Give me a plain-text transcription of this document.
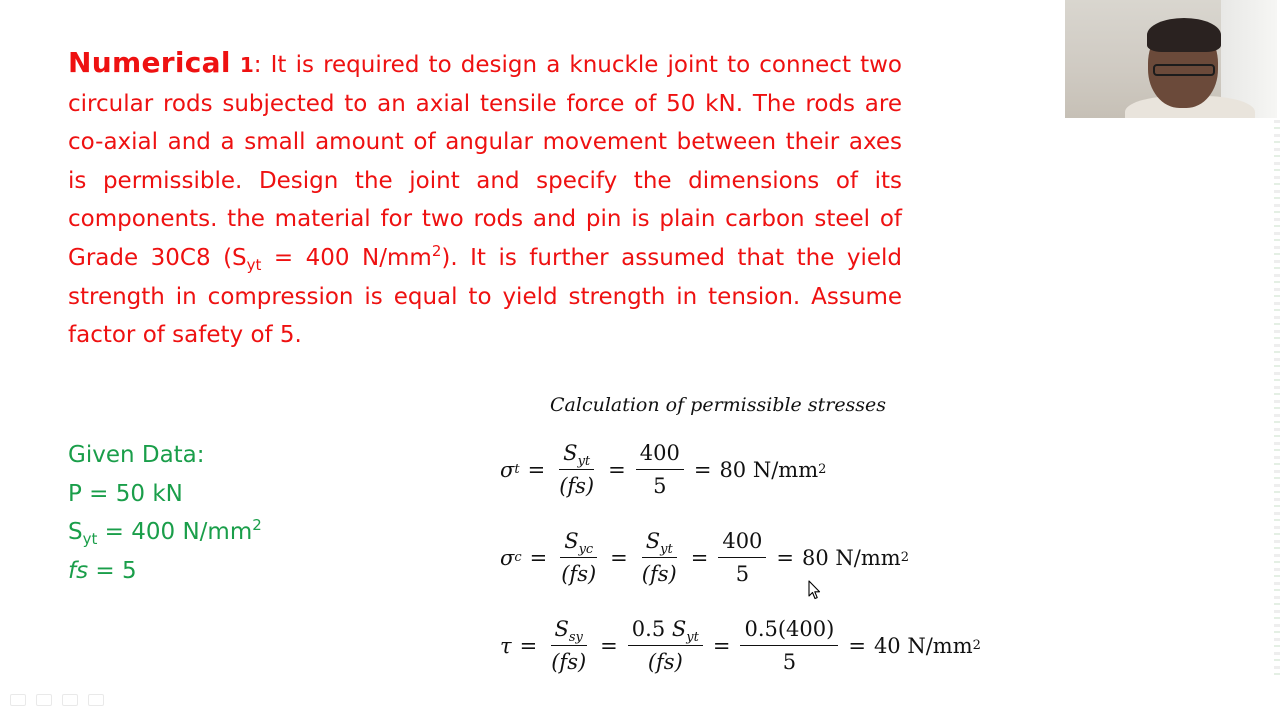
Numerical 1: It is required to design a knuckle joint to connect two circular rods subjected to an axial tensile force of 50 kN. The rods are co-axial and a small amount of angular movement between their axes is permissible. Design the joint and specify the dimensions of its components. the material for two rods and pin is plain carbon steel of Grade 30C8 ($S_{yt} = 400$ $N/mm^2$). It is further assumed that the yield strength in compression is equal to yield strength in tension. Assume factor of safety of 5.
Given Data:
P = 50 kN
$S_{yt} = 400$ $N/mm^2$
fs = 5
Calculation of permissible stresses
σ $t = \frac{S_{yt}}{(fs)} = \frac{400}{5} = 80$ N/mm 2
σ $c = \frac{S_{yc}}{(fs)} = \frac{S_{yt}}{(fs)} = \frac{400}{5} = 80$ N/mm 2
$\tau = \frac{S_{sy}}{(fs)} = \frac{0.5 S_{yt}}{(fs)} = \frac{0.5(400)}{5} = 40$ N/mm 2
